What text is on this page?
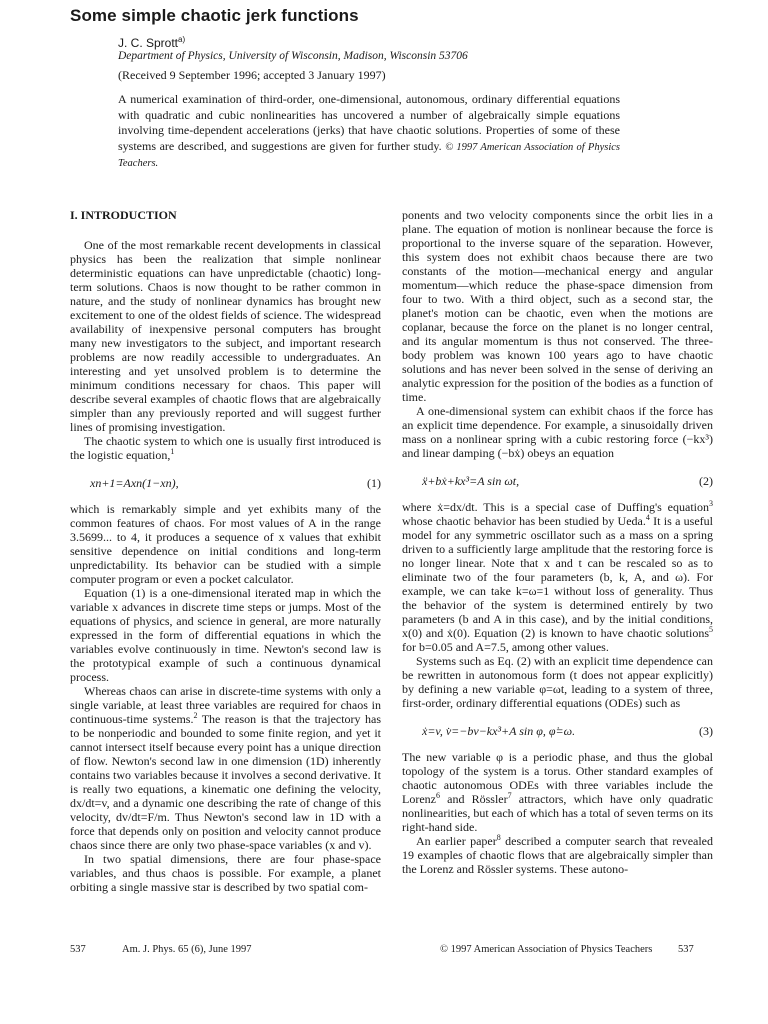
Some simple chaotic jerk functions
J. C. Sprott$^{a)}$
Department of Physics, University of Wisconsin, Madison, Wisconsin 53706
(Received 9 September 1996; accepted 3 January 1997)

A numerical examination of third-order, one-dimensional, autonomous, ordinary differential equations with quadratic and cubic nonlinearities has uncovered a number of algebraically simple equations involving time-dependent accelerations (jerks) that have chaotic solutions. Properties of some of these systems are described, and suggestions are given for further study. © 1997 American Association of Physics Teachers.

I. INTRODUCTION

One of the most remarkable recent developments in classical physics has been the realization that simple nonlinear deterministic equations can have unpredictable (chaotic) long-term solutions. Chaos is now thought to be rather common in nature, and the study of nonlinear dynamics has brought new excitement to one of the oldest fields of science. The widespread availability of inexpensive personal computers has brought many new investigators to the subject, and important research problems are now readily accessible to undergraduates. An interesting and yet unsolved problem is to determine the minimum conditions necessary for chaos. This paper will describe several examples of chaotic flows that are algebraically simpler than any previously reported and will suggest further lines of promising investigation.

The chaotic system to which one is usually first introduced is the logistic equation,$^1$

xn+1=Axn(1−xn),	(1)

which is remarkably simple and yet exhibits many of the common features of chaos. For most values of A in the range 3.5699... to 4, it produces a sequence of x values that exhibit sensitive dependence on initial conditions and long-term unpredictability. Its behavior can be studied with a simple computer program or even a pocket calculator.

Equation (1) is a one-dimensional iterated map in which the variable x advances in discrete time steps or jumps. Most of the equations of physics, and science in general, are more naturally expressed in the form of differential equations in which the variables evolve continuously in time. Newton's second law is the prototypical example of such a continuous dynamical process.

Whereas chaos can arise in discrete-time systems with only a single variable, at least three variables are required for chaos in continuous-time systems.$^2$ The reason is that the trajectory has to be nonperiodic and bounded to some finite region, and yet it cannot intersect itself because every point has a unique direction of flow. Newton's second law in one dimension (1D) inherently contains two variables because it involves a second derivative. It is really two equations, a kinematic one defining the velocity, dx/dt=v, and a dynamic one describing the rate of change of this velocity, dv/dt=F/m. Thus Newton's second law in 1D with a force that depends only on position and velocity cannot produce chaos since there are only two phase-space variables (x and v).

In two spatial dimensions, there are four phase-space variables, and thus chaos is possible. For example, a planet orbiting a single massive star is described by two spatial com-

ponents and two velocity components since the orbit lies in a plane. The equation of motion is nonlinear because the force is proportional to the inverse square of the separation. However, this system does not exhibit chaos because there are two constants of the motion—mechanical energy and angular momentum—which reduce the phase-space dimension from four to two. With a third object, such as a second star, the planet's motion can be chaotic, even when the motions are coplanar, because the force on the planet is no longer central, and its angular momentum is thus not conserved. The three-body problem was known 100 years ago to have chaotic solutions and has never been solved in the sense of deriving an analytic expression for the position of the bodies as a function of time.

A one-dimensional system can exhibit chaos if the force has an explicit time dependence. For example, a sinusoidally driven mass on a nonlinear spring with a cubic restoring force (−kx³) and linear damping (−bẋ) obeys an equation

ẍ+bẋ+kx³=A sin ωt,	(2)

where ẋ=dx/dt. This is a special case of Duffing's equation$^3$ whose chaotic behavior has been studied by Ueda.$^4$ It is a useful model for any symmetric oscillator such as a mass on a spring driven to a sufficiently large amplitude that the restoring force is no longer linear. Note that x and t can be rescaled so as to eliminate two of the four parameters (b, k, A, and ω). For example, we can take k=ω=1 without loss of generality. Thus the behavior of the system is determined entirely by two parameters (b and A in this case), and by the initial conditions, x(0) and ẋ(0). Equation (2) is known to have chaotic solutions$^5$ for b=0.05 and A=7.5, among other values.

Systems such as Eq. (2) with an explicit time dependence can be rewritten in autonomous form (t does not appear explicitly) by defining a new variable φ=ωt, leading to a system of three, first-order, ordinary differential equations (ODEs) such as

ẋ=v, v̇=−bv−kx³+A sin φ, φ̇=ω.	(3)

The new variable φ is a periodic phase, and thus the global topology of the system is a torus. Other standard examples of chaotic autonomous ODEs with three variables include the Lorenz$^6$ and Rössler$^7$ attractors, which have only quadratic nonlinearities, but each of which has a total of seven terms on its right-hand side.

An earlier paper$^8$ described a computer search that revealed 19 examples of chaotic flows that are algebraically simpler than the Lorenz and Rössler systems. These autono-

537	Am. J. Phys. 65 (6), June 1997	© 1997 American Association of Physics Teachers 537
